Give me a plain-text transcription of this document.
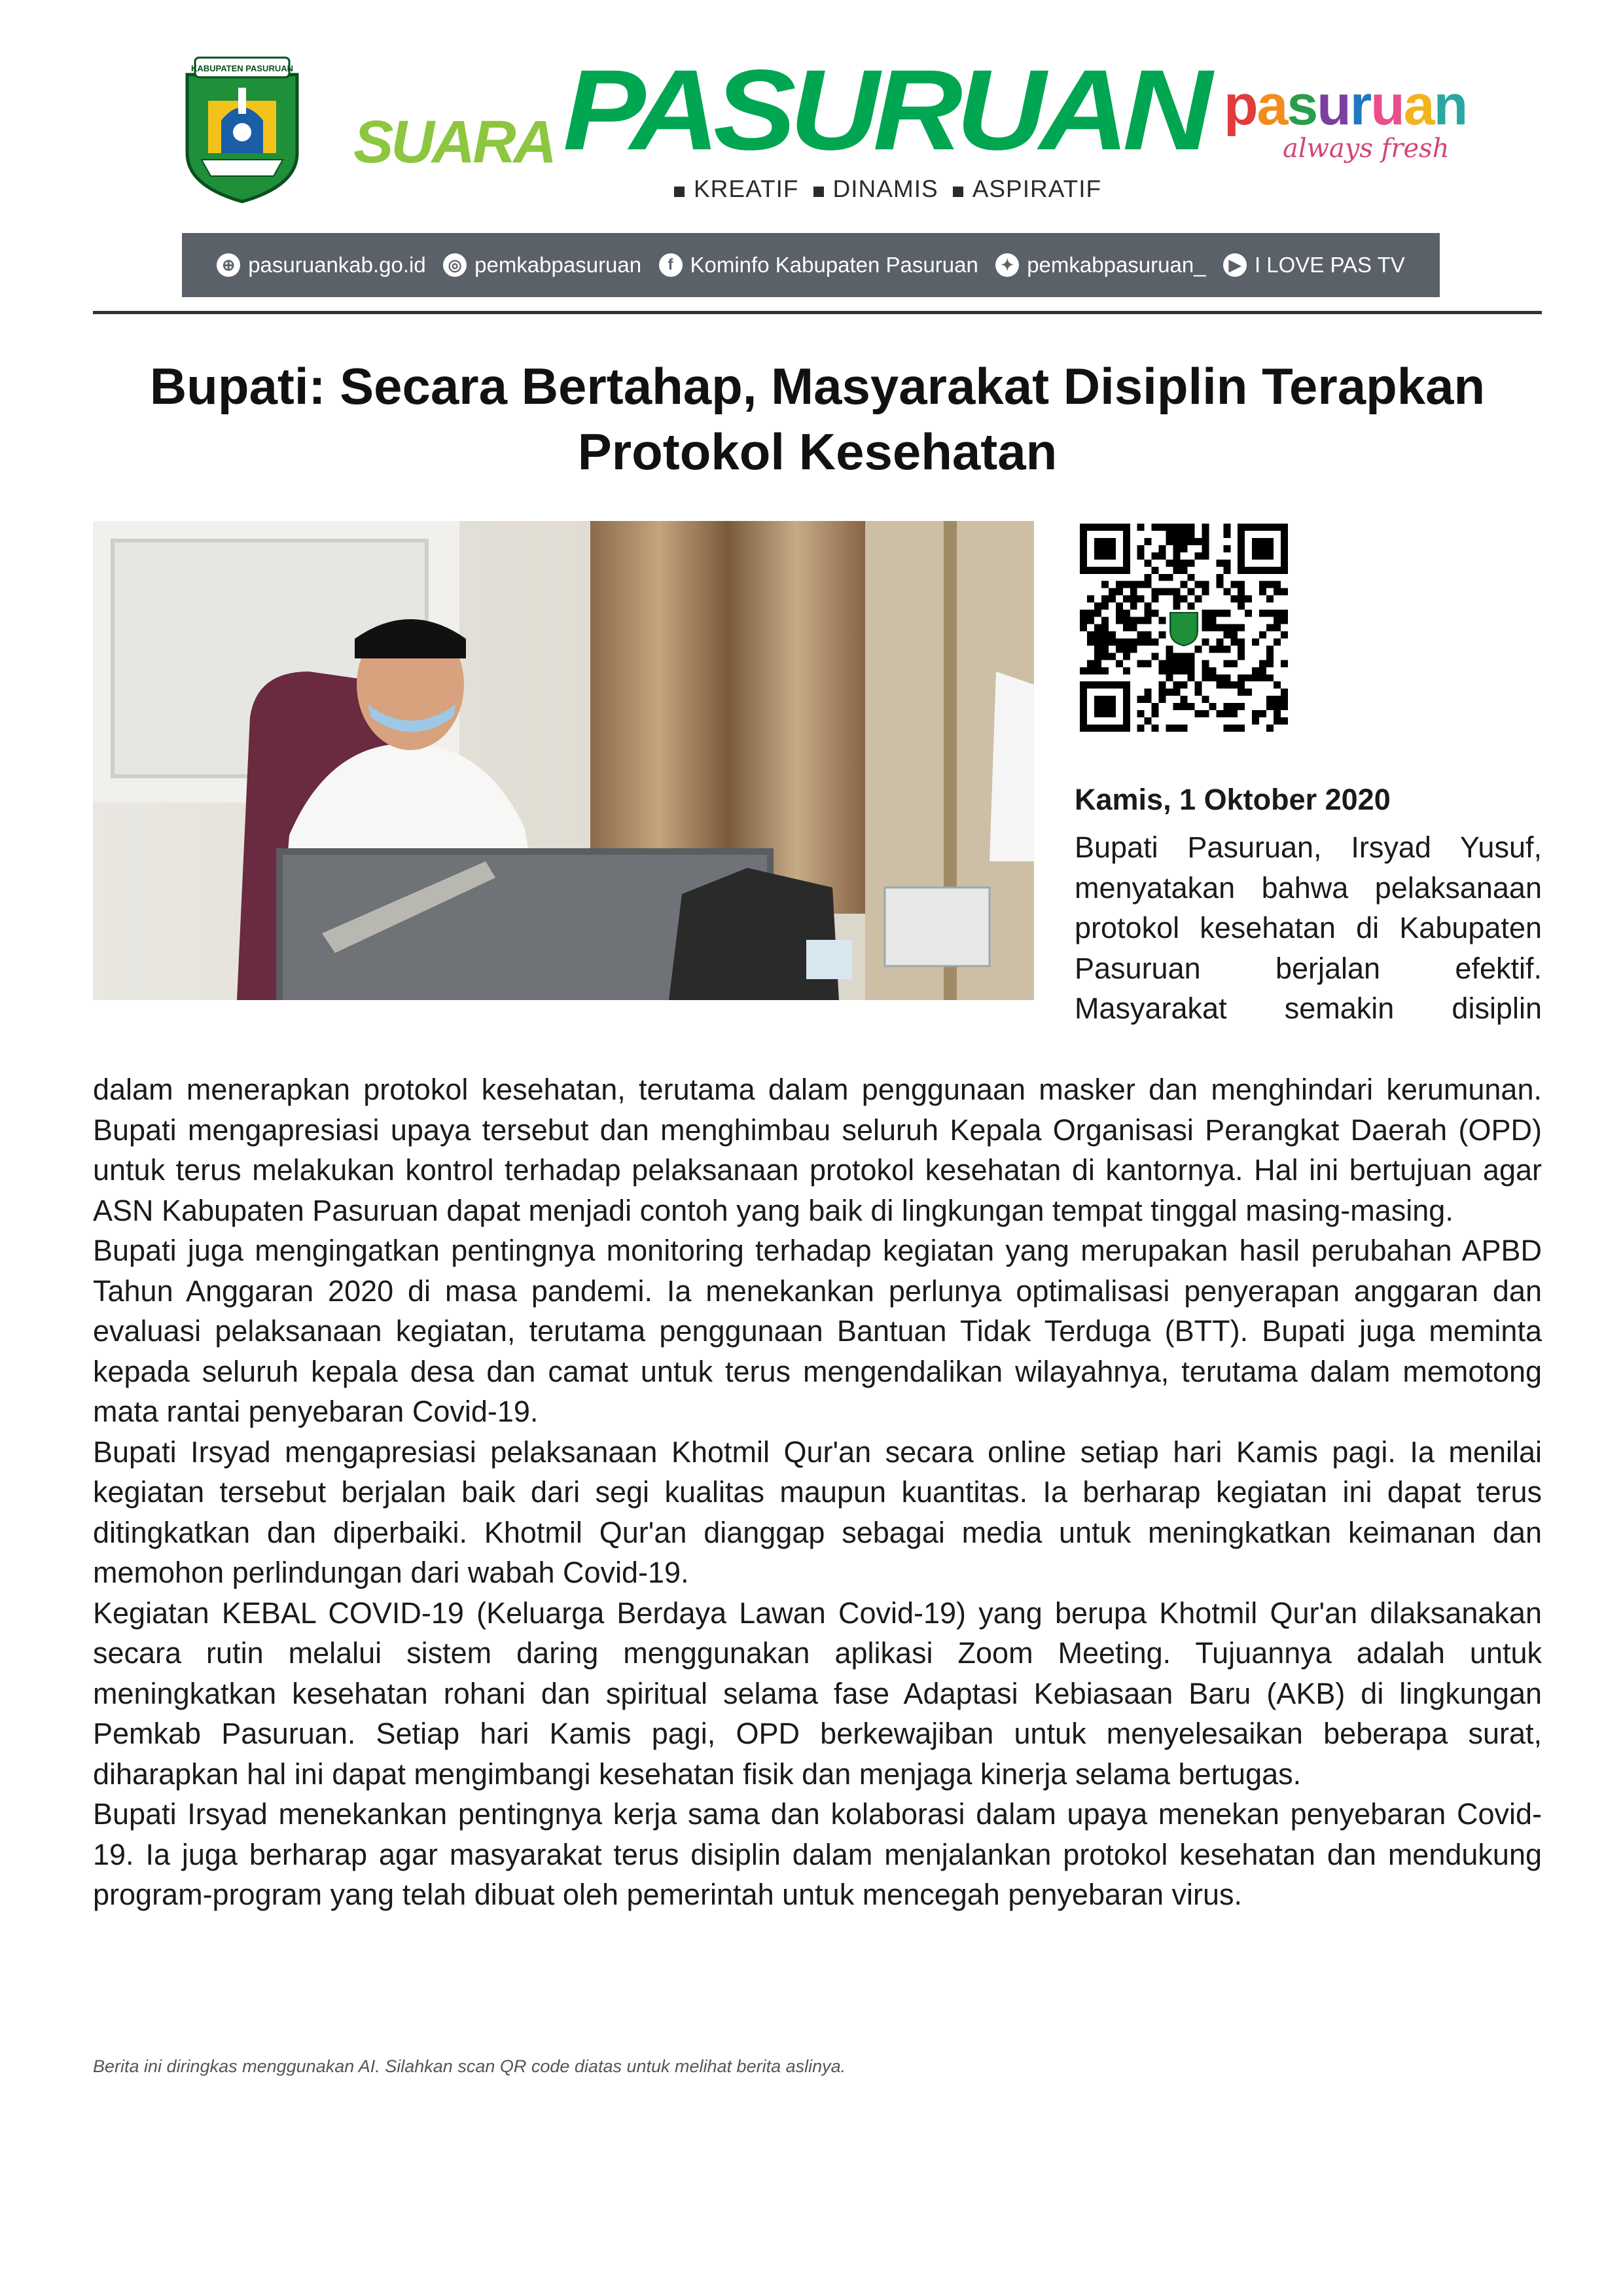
KABUPATEN PASURUAN
SUARA PASURUAN
KREATIF	DINAMIS	ASPIRATIF
pasuruan
always fresh
⊕ pasuruankab.go.id	◎ pemkabpasuruan	f Kominfo Kabupaten Pasuruan	✦ pemkabpasuruan_	▶ I LOVE PAS TV
Bupati: Secara Bertahap, Masyarakat Disiplin Terapkan
Protokol Kesehatan
Kamis, 1 Oktober 2020
Bupati Pasuruan, Irsyad Yusuf, menyatakan bahwa pelaksanaan protokol kesehatan di Kabupaten Pasuruan berjalan efektif. Masyarakat semakin disiplin

dalam menerapkan protokol kesehatan, terutama dalam penggunaan masker dan menghindari kerumunan. Bupati mengapresiasi upaya tersebut dan menghimbau seluruh Kepala Organisasi Perangkat Daerah (OPD) untuk terus melakukan kontrol terhadap pelaksanaan protokol kesehatan di kantornya. Hal ini bertujuan agar ASN Kabupaten Pasuruan dapat menjadi contoh yang baik di lingkungan tempat tinggal masing-masing.

Bupati juga mengingatkan pentingnya monitoring terhadap kegiatan yang merupakan hasil perubahan APBD Tahun Anggaran 2020 di masa pandemi. Ia menekankan perlunya optimalisasi penyerapan anggaran dan evaluasi pelaksanaan kegiatan, terutama penggunaan Bantuan Tidak Terduga (BTT). Bupati juga meminta kepada seluruh kepala desa dan camat untuk terus mengendalikan wilayahnya, terutama dalam memotong mata rantai penyebaran Covid-19.

Bupati Irsyad mengapresiasi pelaksanaan Khotmil Qur'an secara online setiap hari Kamis pagi. Ia menilai kegiatan tersebut berjalan baik dari segi kualitas maupun kuantitas. Ia berharap kegiatan ini dapat terus ditingkatkan dan diperbaiki. Khotmil Qur'an dianggap sebagai media untuk meningkatkan keimanan dan memohon perlindungan dari wabah Covid-19.

Kegiatan KEBAL COVID-19 (Keluarga Berdaya Lawan Covid-19) yang berupa Khotmil Qur'an dilaksanakan secara rutin melalui sistem daring menggunakan aplikasi Zoom Meeting. Tujuannya adalah untuk meningkatkan kesehatan rohani dan spiritual selama fase Adaptasi Kebiasaan Baru (AKB) di lingkungan Pemkab Pasuruan. Setiap hari Kamis pagi, OPD berkewajiban untuk menyelesaikan beberapa surat, diharapkan hal ini dapat mengimbangi kesehatan fisik dan menjaga kinerja selama bertugas.

Bupati Irsyad menekankan pentingnya kerja sama dan kolaborasi dalam upaya menekan penyebaran Covid-19. Ia juga berharap agar masyarakat terus disiplin dalam menjalankan protokol kesehatan dan mendukung program-program yang telah dibuat oleh pemerintah untuk mencegah penyebaran virus.

Berita ini diringkas menggunakan AI. Silahkan scan QR code diatas untuk melihat berita aslinya.
